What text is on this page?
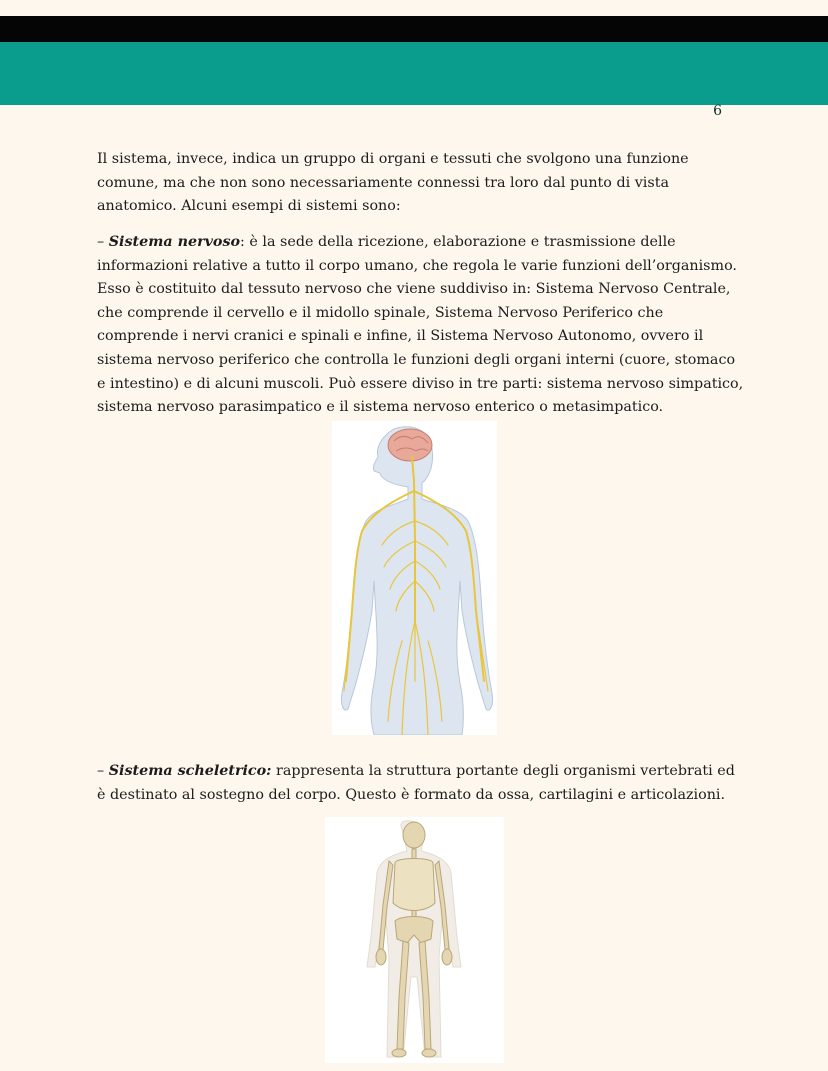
6

Il sistema, invece, indica un gruppo di organi e tessuti che svolgono una funzione comune, ma che non sono necessariamente connessi tra loro dal punto di vista anatomico. Alcuni esempi di sistemi sono:

– Sistema nervoso: è la sede della ricezione, elaborazione e trasmissione delle informazioni relative a tutto il corpo umano, che regola le varie funzioni dell’organismo. Esso è costituito dal tessuto nervoso che viene suddiviso in: Sistema Nervoso Centrale, che comprende il cervello e il midollo spinale, Sistema Nervoso Periferico che comprende i nervi cranici e spinali e infine, il Sistema Nervoso Autonomo, ovvero il sistema nervoso periferico che controlla le funzioni degli organi interni (cuore, stomaco e intestino) e di alcuni muscoli. Può essere diviso in tre parti: sistema nervoso simpatico, sistema nervoso parasimpatico e il sistema nervoso enterico o metasimpatico.

– Sistema scheletrico: rappresenta la struttura portante degli organismi vertebrati ed è destinato al sostegno del corpo. Questo è formato da ossa, cartilagini e articolazioni.
